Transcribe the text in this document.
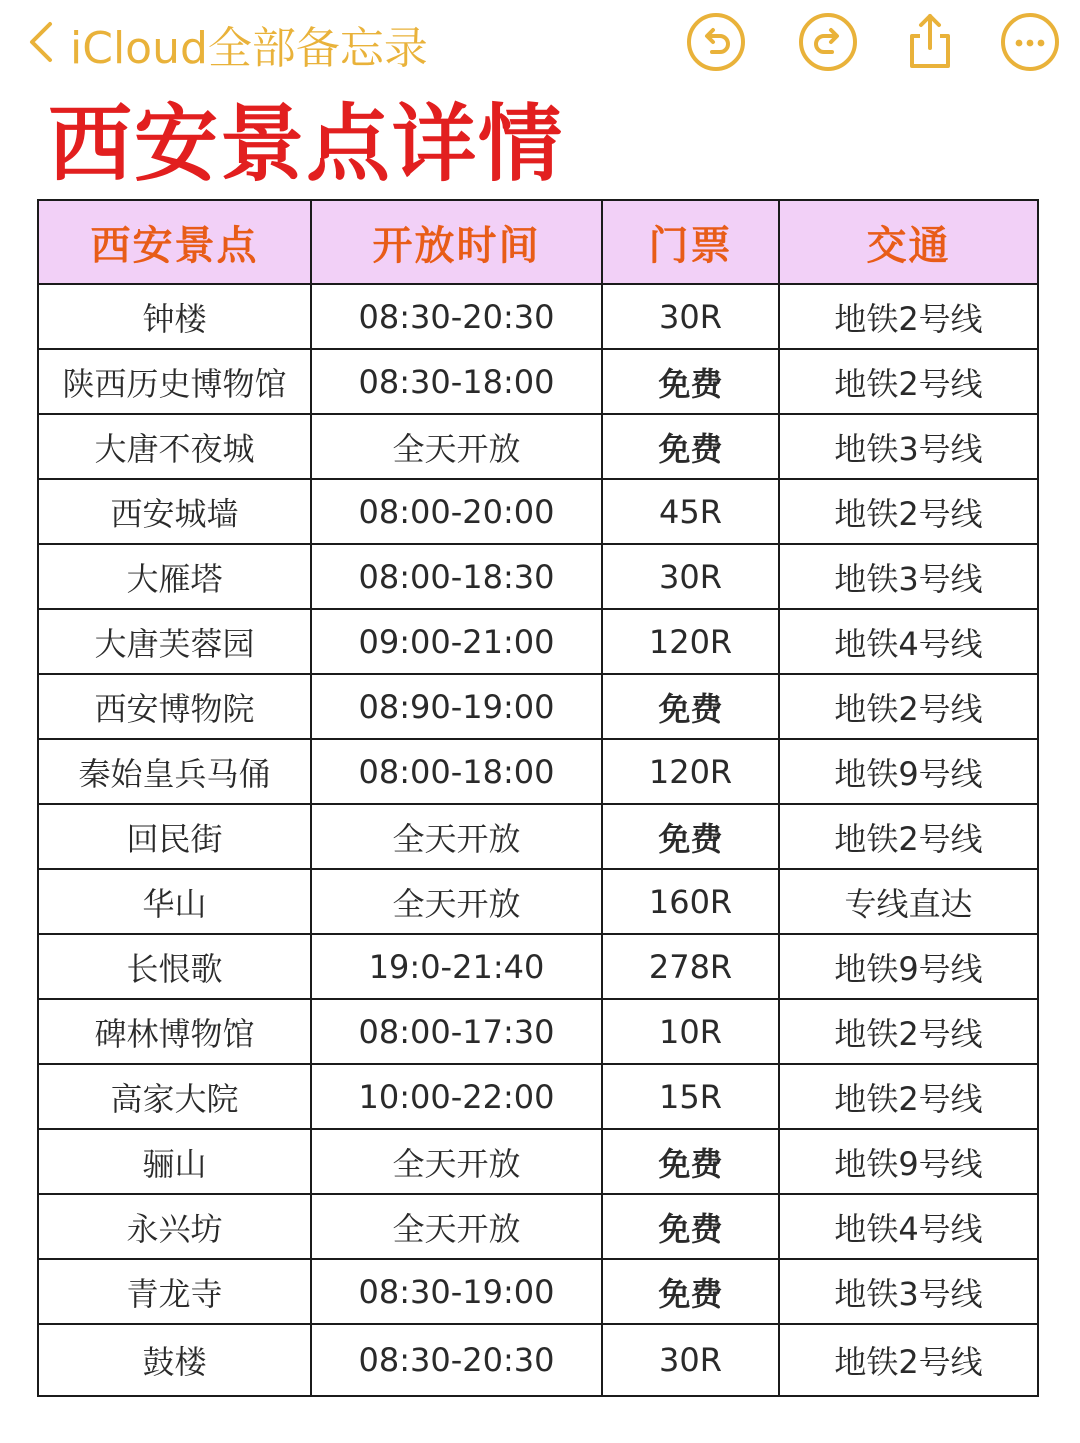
iCloud全部备忘录
西安景点详情
西安景点	开放时间	门票	交通
钟楼	08:30-20:30	30R	地铁2号线
陕西历史博物馆	08:30-18:00	免费	地铁2号线
大唐不夜城	全天开放	免费	地铁3号线
西安城墙	08:00-20:00	45R	地铁2号线
大雁塔	08:00-18:30	30R	地铁3号线
大唐芙蓉园	09:00-21:00	120R	地铁4号线
西安博物院	08:90-19:00	免费	地铁2号线
秦始皇兵马俑	08:00-18:00	120R	地铁9号线
回民街	全天开放	免费	地铁2号线
华山	全天开放	160R	专线直达
长恨歌	19:0-21:40	278R	地铁9号线
碑林博物馆	08:00-17:30	10R	地铁2号线
高家大院	10:00-22:00	15R	地铁2号线
骊山	全天开放	免费	地铁9号线
永兴坊	全天开放	免费	地铁4号线
青龙寺	08:30-19:00	免费	地铁3号线
鼓楼	08:30-20:30	30R	地铁2号线
